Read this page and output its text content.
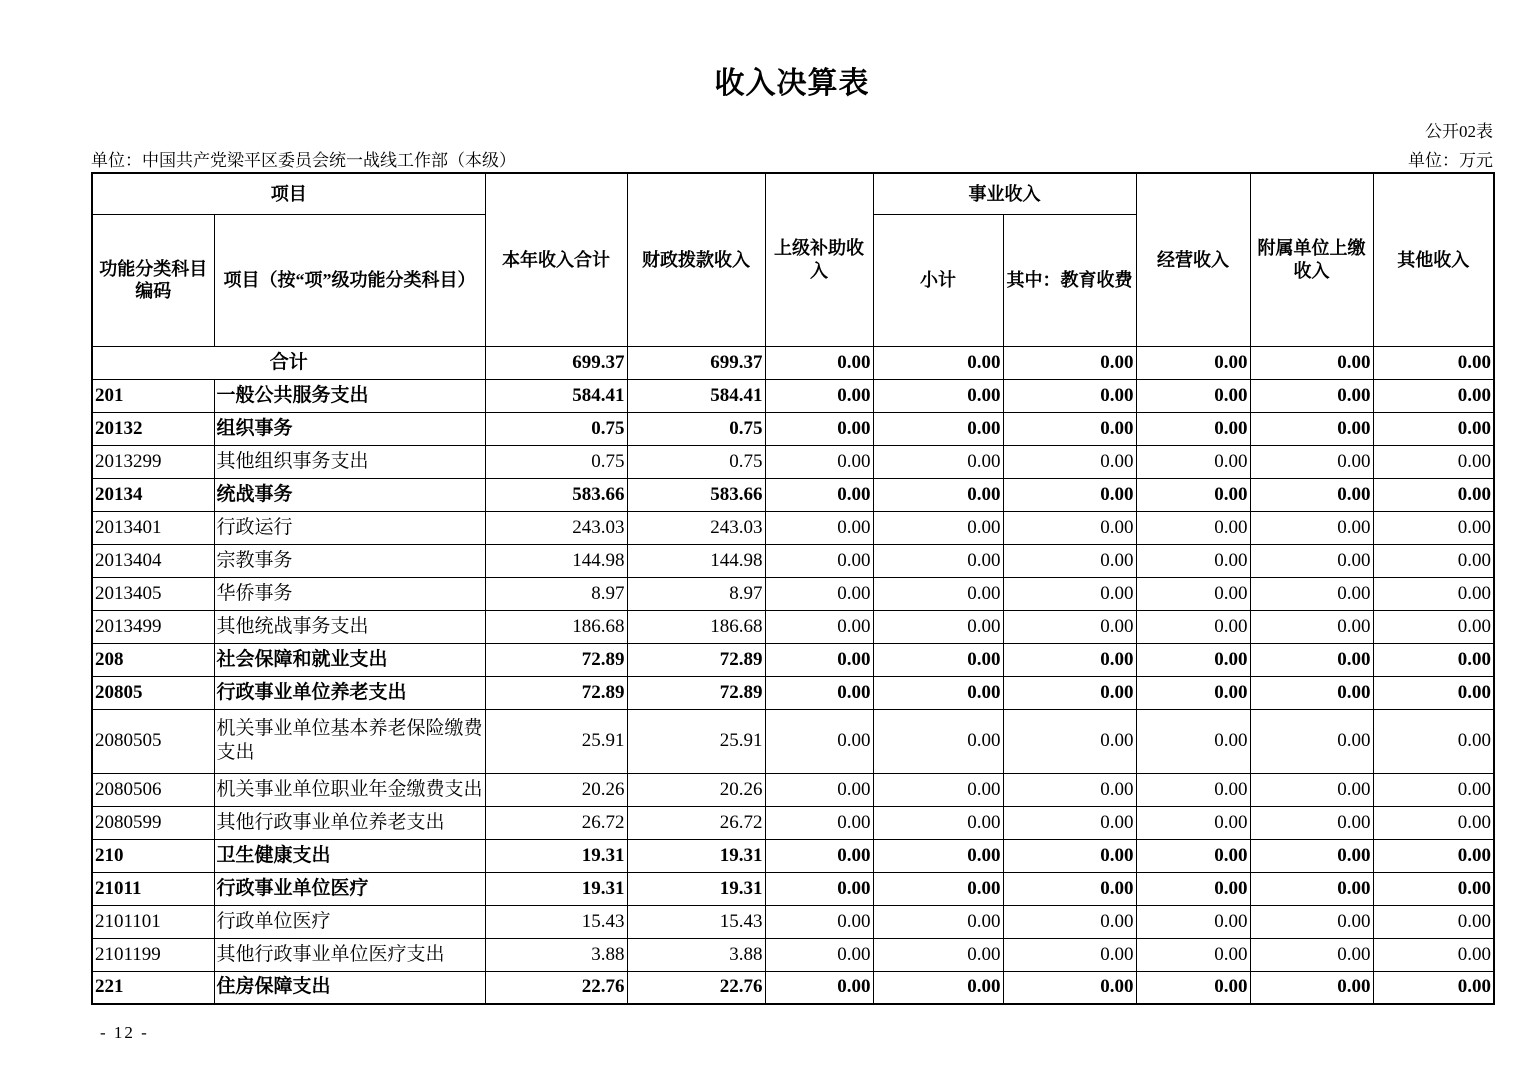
收入决算表
公开02表
单位：中国共产党梁平区委员会统一战线工作部（本级）	单位：万元
项目		本年收入合计	财政拨款收入	上级补助收入	事业收入		经营收入	附属单位上缴收入	其他收入
功能分类科目编码	项目（按“项”级功能分类科目）				小计	其中：教育收费			
合计		699.37	699.37	0.00	0.00	0.00	0.00	0.00	0.00
201	一般公共服务支出	584.41	584.41	0.00	0.00	0.00	0.00	0.00	0.00
20132	组织事务	0.75	0.75	0.00	0.00	0.00	0.00	0.00	0.00
2013299	其他组织事务支出	0.75	0.75	0.00	0.00	0.00	0.00	0.00	0.00
20134	统战事务	583.66	583.66	0.00	0.00	0.00	0.00	0.00	0.00
2013401	行政运行	243.03	243.03	0.00	0.00	0.00	0.00	0.00	0.00
2013404	宗教事务	144.98	144.98	0.00	0.00	0.00	0.00	0.00	0.00
2013405	华侨事务	8.97	8.97	0.00	0.00	0.00	0.00	0.00	0.00
2013499	其他统战事务支出	186.68	186.68	0.00	0.00	0.00	0.00	0.00	0.00
208	社会保障和就业支出	72.89	72.89	0.00	0.00	0.00	0.00	0.00	0.00
20805	行政事业单位养老支出	72.89	72.89	0.00	0.00	0.00	0.00	0.00	0.00
2080505	机关事业单位基本养老保险缴费支出	25.91	25.91	0.00	0.00	0.00	0.00	0.00	0.00
2080506	机关事业单位职业年金缴费支出	20.26	20.26	0.00	0.00	0.00	0.00	0.00	0.00
2080599	其他行政事业单位养老支出	26.72	26.72	0.00	0.00	0.00	0.00	0.00	0.00
210	卫生健康支出	19.31	19.31	0.00	0.00	0.00	0.00	0.00	0.00
21011	行政事业单位医疗	19.31	19.31	0.00	0.00	0.00	0.00	0.00	0.00
2101101	行政单位医疗	15.43	15.43	0.00	0.00	0.00	0.00	0.00	0.00
2101199	其他行政事业单位医疗支出	3.88	3.88	0.00	0.00	0.00	0.00	0.00	0.00
221	住房保障支出	22.76	22.76	0.00	0.00	0.00	0.00	0.00	0.00
- 12 -
